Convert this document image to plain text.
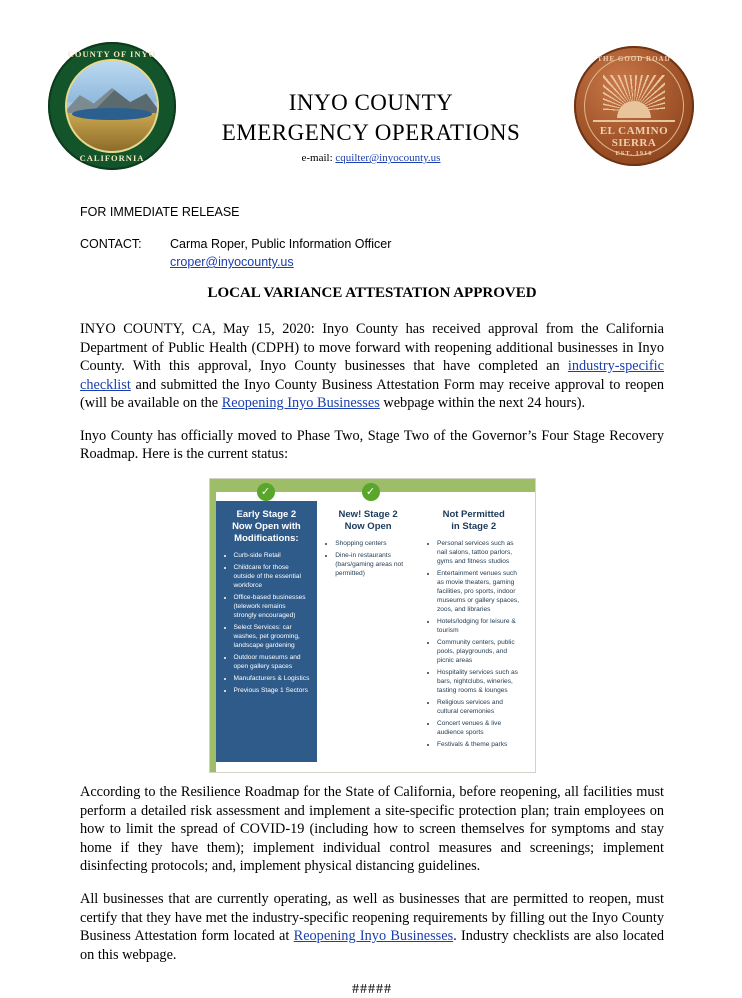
COUNTY OF INYO
CALIFORNIA
INYO COUNTY
EMERGENCY OPERATIONS
e-mail: cquilter@inyocounty.us
THE GOOD ROAD
EL CAMINO
SIERRA
EST. 1910
FOR IMMEDIATE RELEASE
CONTACT:	Carma Roper, Public Information Officer
croper@inyocounty.us
LOCAL VARIANCE ATTESTATION APPROVED

INYO COUNTY, CA, May 15, 2020: Inyo County has received approval from the California Department of Public Health (CDPH) to move forward with reopening additional businesses in Inyo County. With this approval, Inyo County businesses that have completed an industry-specific checklist and submitted the Inyo County Business Attestation Form may receive approval to reopen (will be available on the Reopening Inyo Businesses webpage within the next 24 hours).

Inyo County has officially moved to Phase Two, Stage Two of the Governor’s Four Stage Recovery Roadmap. Here is the current status:

✓	✓
Early Stage 2
Now Open with
Modifications:
• Curb-side Retail
• Childcare for those outside of the essential workforce
• Office-based businesses (telework remains strongly encouraged)
• Select Services: car washes, pet grooming, landscape gardening
• Outdoor museums and open gallery spaces
• Manufacturers & Logistics
• Previous Stage 1 Sectors
New! Stage 2
Now Open
• Shopping centers
• Dine-in restaurants (bars/gaming areas not permitted)
Not Permitted
in Stage 2
• Personal services such as nail salons, tattoo parlors, gyms and fitness studios
• Entertainment venues such as movie theaters, gaming facilities, pro sports, indoor museums or gallery spaces, zoos, and libraries
• Hotels/lodging for leisure & tourism
• Community centers, public pools, playgrounds, and picnic areas
• Hospitality services such as bars, nightclubs, wineries, tasting rooms & lounges
• Religious services and cultural ceremonies
• Concert venues & live audience sports
• Festivals & theme parks

According to the Resilience Roadmap for the State of California, before reopening, all facilities must perform a detailed risk assessment and implement a site-specific protection plan; train employees on how to limit the spread of COVID-19 (including how to screen themselves for symptoms and stay home if they have them); implement individual control measures and screenings; implement disinfecting protocols; and, implement physical distancing guidelines.

All businesses that are currently operating, as well as businesses that are permitted to reopen, must certify that they have met the industry-specific reopening requirements by filling out the Inyo County Business Attestation form located at Reopening Inyo Businesses. Industry checklists are also located on this webpage.

#####
